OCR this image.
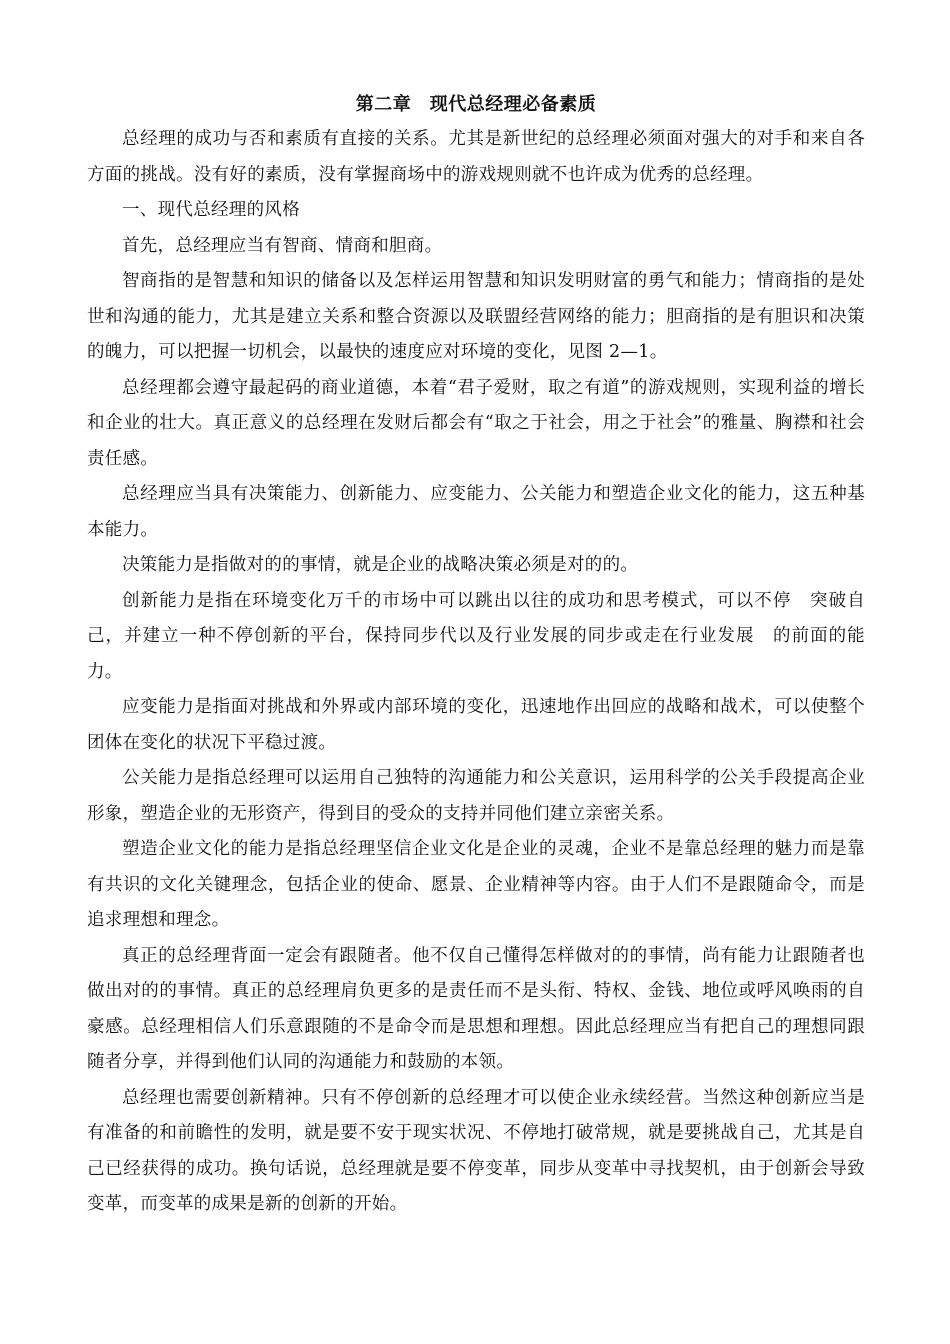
第二章　现代总经理必备素质

总经理的成功与否和素质有直接的关系。尤其是新世纪的总经理必须面对强大的对手和来自各方面的挑战。没有好的素质，没有掌握商场中的游戏规则就不也许成为优秀的总经理。

一、现代总经理的风格

首先，总经理应当有智商、情商和胆商。

智商指的是智慧和知识的储备以及怎样运用智慧和知识发明财富的勇气和能力；情商指的是处世和沟通的能力，尤其是建立关系和整合资源以及联盟经营网络的能力；胆商指的是有胆识和决策的魄力，可以把握一切机会，以最快的速度应对环境的变化，见图 2—1。

总经理都会遵守最起码的商业道德，本着“君子爱财，取之有道”的游戏规则，实现利益的增长和企业的壮大。真正意义的总经理在发财后都会有“取之于社会，用之于社会”的雅量、胸襟和社会责任感。

总经理应当具有决策能力、创新能力、应变能力、公关能力和塑造企业文化的能力，这五种基本能力。

决策能力是指做对的的事情，就是企业的战略决策必须是对的的。

创新能力是指在环境变化万千的市场中可以跳出以往的成功和思考模式，可以不停　突破自己，并建立一种不停创新的平台，保持同步代以及行业发展的同步或走在行业发展　的前面的能力。

应变能力是指面对挑战和外界或内部环境的变化，迅速地作出回应的战略和战术，可以使整个团体在变化的状况下平稳过渡。

公关能力是指总经理可以运用自己独特的沟通能力和公关意识，运用科学的公关手段提高企业形象，塑造企业的无形资产，得到目的受众的支持并同他们建立亲密关系。

塑造企业文化的能力是指总经理坚信企业文化是企业的灵魂，企业不是靠总经理的魅力而是靠有共识的文化关键理念，包括企业的使命、愿景、企业精神等内容。由于人们不是跟随命令，而是追求理想和理念。

真正的总经理背面一定会有跟随者。他不仅自己懂得怎样做对的的事情，尚有能力让跟随者也做出对的的事情。真正的总经理肩负更多的是责任而不是头衔、特权、金钱、地位或呼风唤雨的自豪感。总经理相信人们乐意跟随的不是命令而是思想和理想。因此总经理应当有把自己的理想同跟随者分享，并得到他们认同的沟通能力和鼓励的本领。

总经理也需要创新精神。只有不停创新的总经理才可以使企业永续经营。当然这种创新应当是有准备的和前瞻性的发明，就是要不安于现实状况、不停地打破常规，就是要挑战自己，尤其是自己已经获得的成功。换句话说，总经理就是要不停变革，同步从变革中寻找契机，由于创新会导致变革，而变革的成果是新的创新的开始。
